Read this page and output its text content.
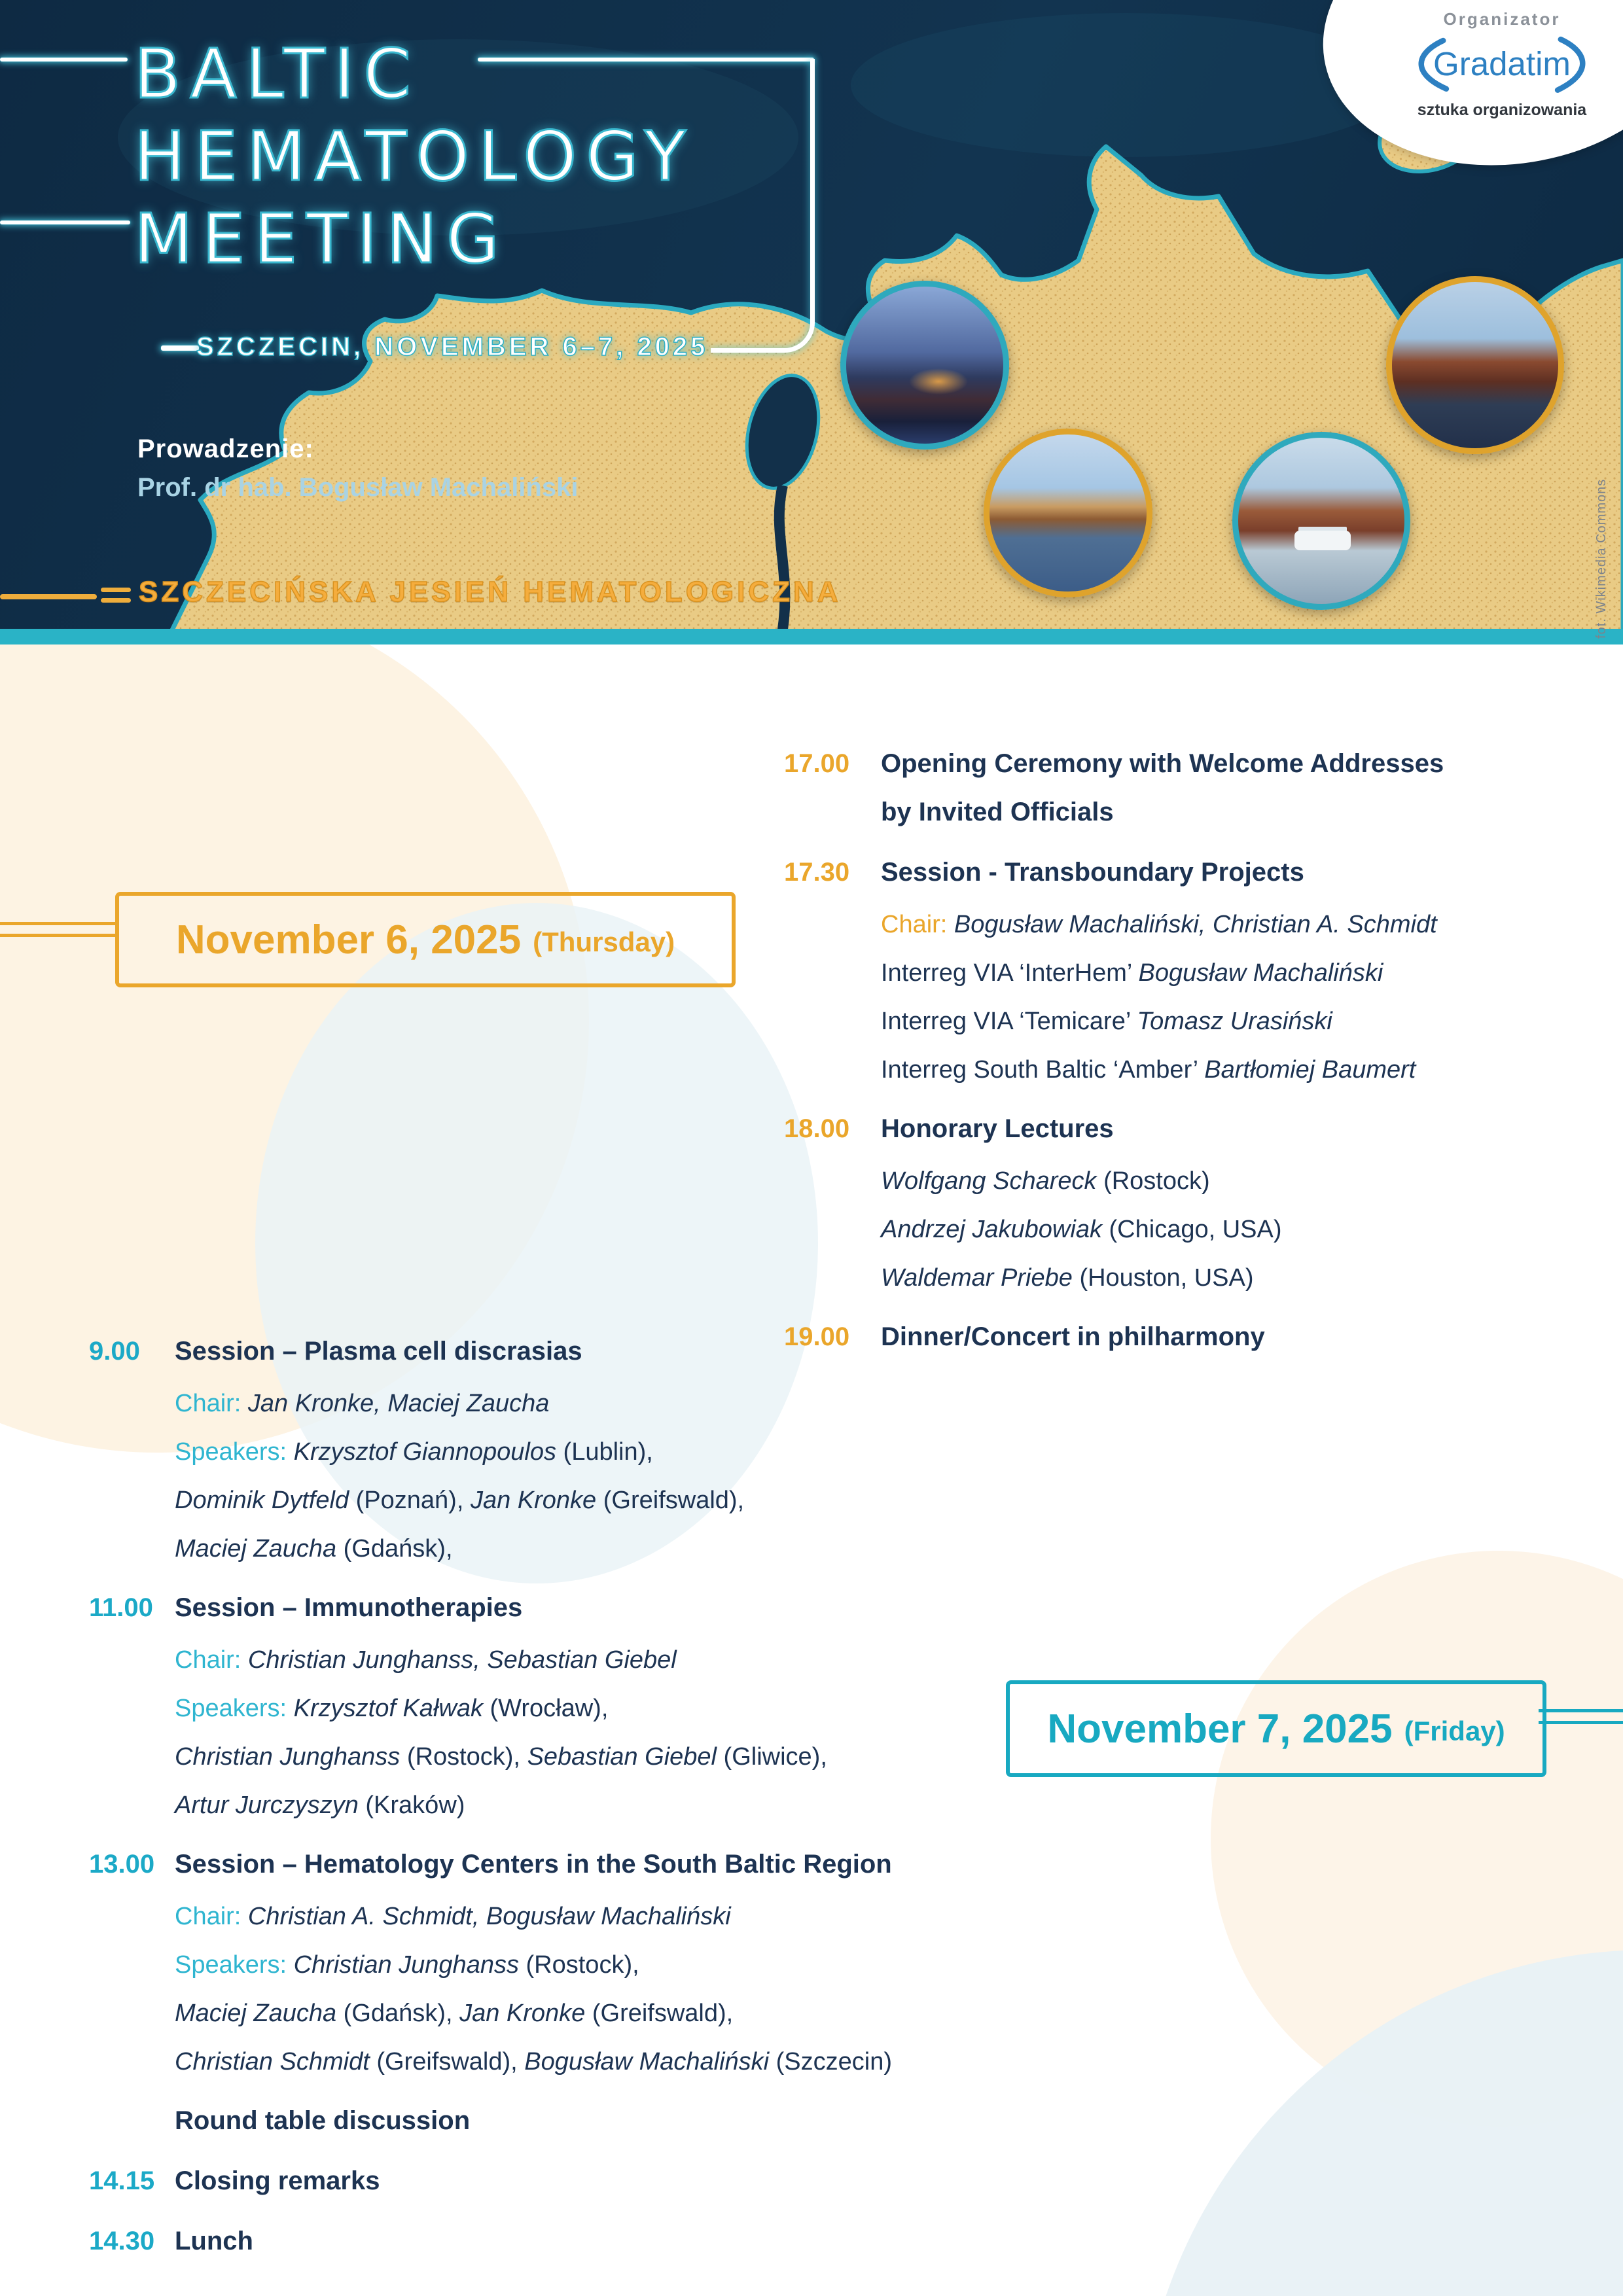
BALTIC
HEMATOLOGY
MEETING
SZCZECIN, NOVEMBER 6–7, 2025
Prowadzenie:
Prof. dr hab. Bogusław Machaliński
SZCZECIŃSKA JESIEŃ HEMATOLOGICZNA
Organizator
Gradatim
sztuka organizowania
fot. Wikimedia Commons
November 6, 2025 (Thursday)
November 7, 2025 (Friday)
17.00	Opening Ceremony with Welcome Addresses
by Invited Officials
17.30	Session - Transboundary Projects
Chair: Bogusław Machaliński, Christian A. Schmidt
Interreg VIA ‘InterHem’ Bogusław Machaliński
Interreg VIA ‘Temicare’ Tomasz Urasiński
Interreg South Baltic ‘Amber’ Bartłomiej Baumert
18.00	Honorary Lectures
Wolfgang Schareck (Rostock)
Andrzej Jakubowiak (Chicago, USA)
Waldemar Priebe (Houston, USA)
19.00	Dinner/Concert in philharmony
9.00	Session – Plasma cell discrasias
Chair: Jan Kronke, Maciej Zaucha
Speakers: Krzysztof Giannopoulos (Lublin),
Dominik Dytfeld (Poznań), Jan Kronke (Greifswald),
Maciej Zaucha (Gdańsk),
11.00 Session – Immunotherapies
Chair: Christian Junghanss, Sebastian Giebel
Speakers: Krzysztof Kałwak (Wrocław),
Christian Junghanss (Rostock), Sebastian Giebel (Gliwice),
Artur Jurczyszyn (Kraków)
13.00 Session – Hematology Centers in the South Baltic Region
Chair: Christian A. Schmidt, Bogusław Machaliński
Speakers: Christian Junghanss (Rostock),
Maciej Zaucha (Gdańsk), Jan Kronke (Greifswald),
Christian Schmidt (Greifswald), Bogusław Machaliński (Szczecin)
Round table discussion
14.15 Closing remarks
14.30 Lunch
